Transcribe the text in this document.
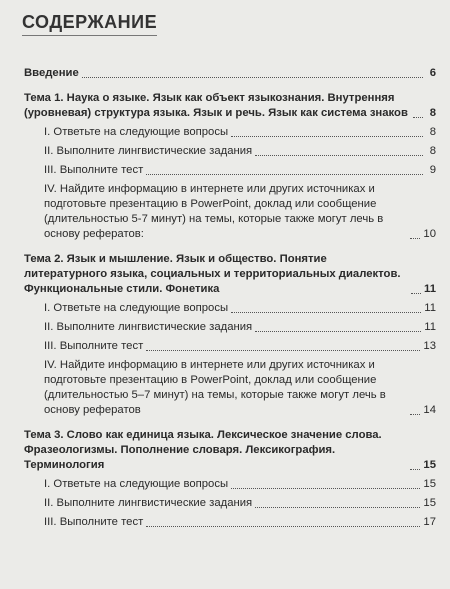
СОДЕРЖАНИЕ
Введение	6
Тема 1. Наука о языке. Язык как объект языкознания. Внутренняя (уровневая) структура языка. Язык и речь. Язык как система знаков	8
I. Ответьте на следующие вопросы	8
II. Выполните лингвистические задания	8
III. Выполните тест	9
IV. Найдите информацию в интернете или других источниках и подготовьте презентацию в PowerPoint, доклад или сообщение (длительностью 5-7 минут) на темы, которые также могут лечь в основу рефератов:	10
Тема 2. Язык и мышление. Язык и общество. Понятие литературного языка, социальных и территориальных диалектов. Функциональные стили. Фонетика	11
I. Ответьте на следующие вопросы	11
II. Выполните лингвистические задания	11
III. Выполните тест	13
IV. Найдите информацию в интернете или других источниках и подготовьте презентацию в PowerPoint, доклад или сообщение (длительностью 5–7 минут) на темы, которые также могут лечь в основу рефератов	14
Тема 3. Слово как единица языка. Лексическое значение слова. Фразеологизмы. Пополнение словаря. Лексикография. Терминология	15
I. Ответьте на следующие вопросы	15
II. Выполните лингвистические задания	15
III. Выполните тест	17
